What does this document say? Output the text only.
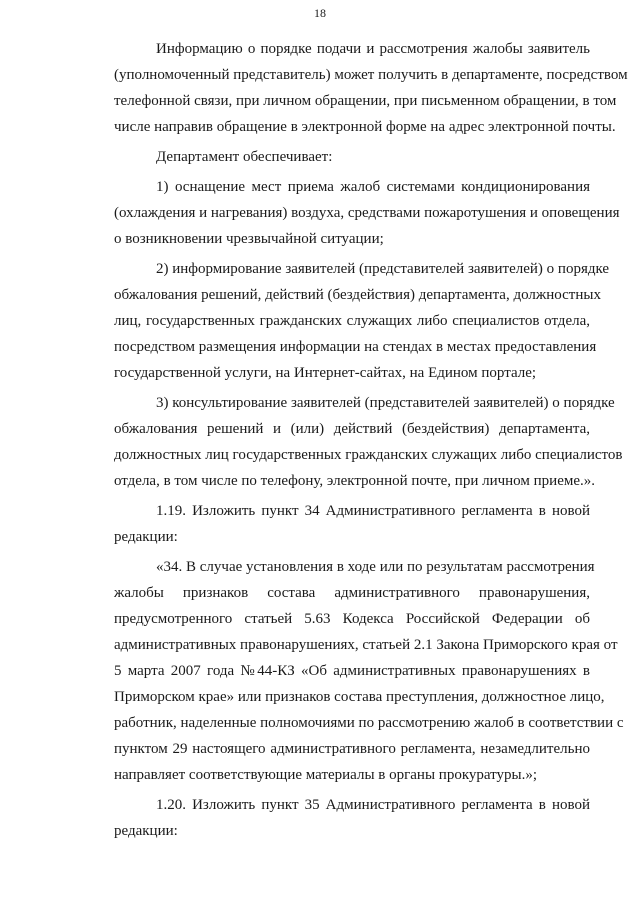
18
Информацию о порядке подачи и рассмотрения жалобы заявитель
(уполномоченный представитель) может получить в департаменте, посредством
телефонной связи, при личном обращении, при письменном обращении, в том
числе направив обращение в электронной форме на адрес электронной почты.
Департамент обеспечивает:
1) оснащение мест приема жалоб системами кондиционирования
(охлаждения и нагревания) воздуха, средствами пожаротушения и оповещения
о возникновении чрезвычайной ситуации;
2) информирование заявителей (представителей заявителей) о порядке
обжалования решений, действий (бездействия) департамента, должностных
лиц, государственных гражданских служащих либо специалистов отдела,
посредством размещения информации на стендах в местах предоставления
государственной услуги, на Интернет-сайтах, на Едином портале;
3) консультирование заявителей (представителей заявителей) о порядке
обжалования решений и (или) действий (бездействия) департамента,
должностных лиц государственных гражданских служащих либо специалистов
отдела, в том числе по телефону, электронной почте, при личном приеме.».
1.19. Изложить пункт 34 Административного регламента в новой
редакции:
«34. В случае установления в ходе или по результатам рассмотрения
жалобы признаков состава административного правонарушения,
предусмотренного статьей 5.63 Кодекса Российской Федерации об
административных правонарушениях, статьей 2.1 Закона Приморского края от
5 марта 2007 года №44-КЗ «Об административных правонарушениях в
Приморском крае» или признаков состава преступления, должностное лицо,
работник, наделенные полномочиями по рассмотрению жалоб в соответствии с
пунктом 29 настоящего административного регламента, незамедлительно
направляет соответствующие материалы в органы прокуратуры.»;
1.20. Изложить пункт 35 Административного регламента в новой
редакции:
